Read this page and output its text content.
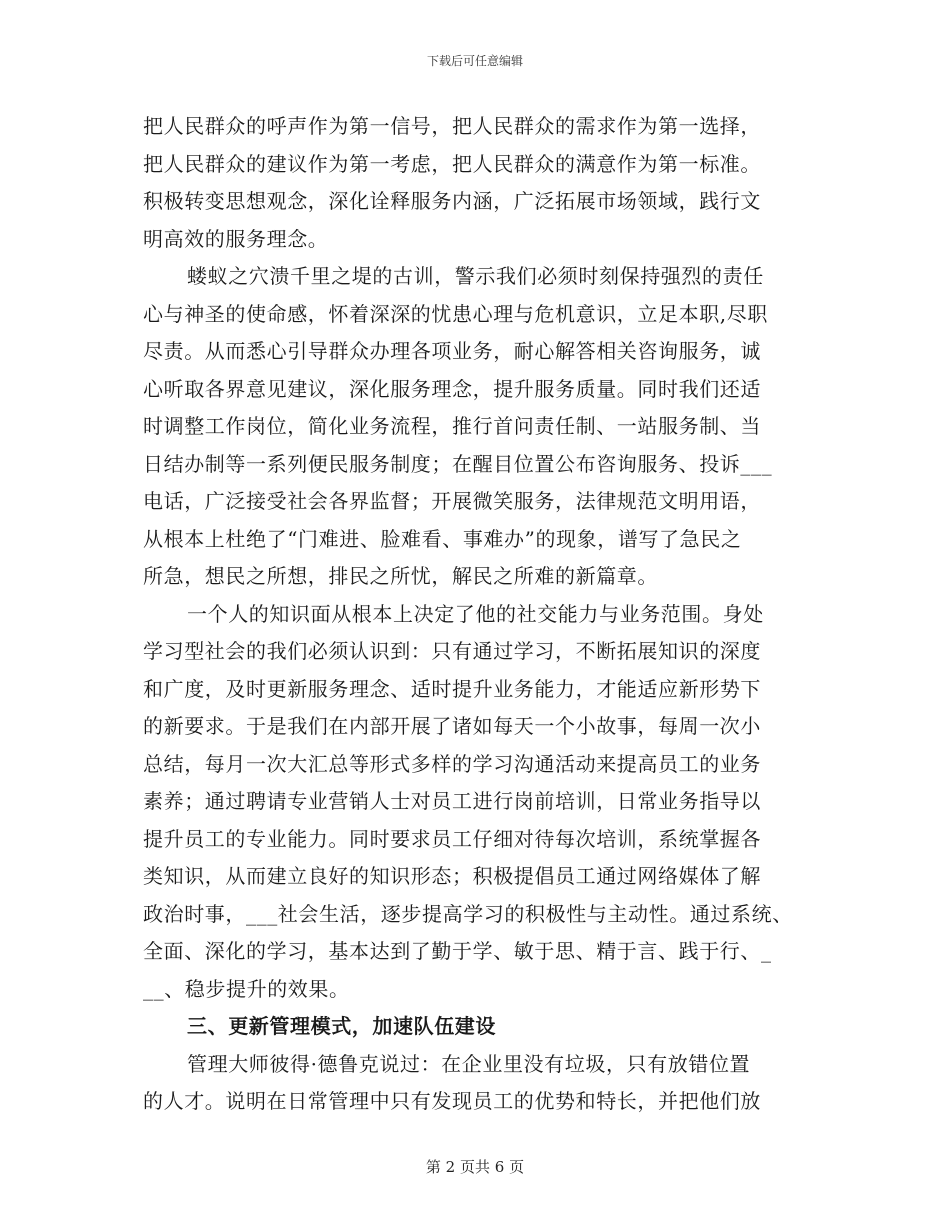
下载后可任意编辑
把人民群众的呼声作为第一信号，把人民群众的需求作为第一选择，
把人民群众的建议作为第一考虑，把人民群众的满意作为第一标准。
积极转变思想观念，深化诠释服务内涵，广泛拓展市场领域，践行文
明高效的服务理念。
蝼蚁之穴溃千里之堤的古训，警示我们必须时刻保持强烈的责任
心与神圣的使命感，怀着深深的忧患心理与危机意识，立足本职,尽职
尽责。从而悉心引导群众办理各项业务，耐心解答相关咨询服务，诚
心听取各界意见建议，深化服务理念，提升服务质量。同时我们还适
时调整工作岗位，简化业务流程，推行首问责任制、一站服务制、当
日结办制等一系列便民服务制度；在醒目位置公布咨询服务、投诉___
电话，广泛接受社会各界监督；开展微笑服务，法律规范文明用语，
从根本上杜绝了“门难进、脸难看、事难办”的现象，谱写了急民之
所急，想民之所想，排民之所忧，解民之所难的新篇章。
一个人的知识面从根本上决定了他的社交能力与业务范围。身处
学习型社会的我们必须认识到：只有通过学习，不断拓展知识的深度
和广度，及时更新服务理念、适时提升业务能力，才能适应新形势下
的新要求。于是我们在内部开展了诸如每天一个小故事，每周一次小
总结，每月一次大汇总等形式多样的学习沟通活动来提高员工的业务
素养；通过聘请专业营销人士对员工进行岗前培训，日常业务指导以
提升员工的专业能力。同时要求员工仔细对待每次培训，系统掌握各
类知识，从而建立良好的知识形态；积极提倡员工通过网络媒体了解
政治时事，___社会生活，逐步提高学习的积极性与主动性。通过系统、
全面、深化的学习，基本达到了勤于学、敏于思、精于言、践于行、_
__、稳步提升的效果。
三、更新管理模式，加速队伍建设
管理大师彼得·德鲁克说过：在企业里没有垃圾，只有放错位置
的人才。说明在日常管理中只有发现员工的优势和特长，并把他们放
第 2 页共 6 页
